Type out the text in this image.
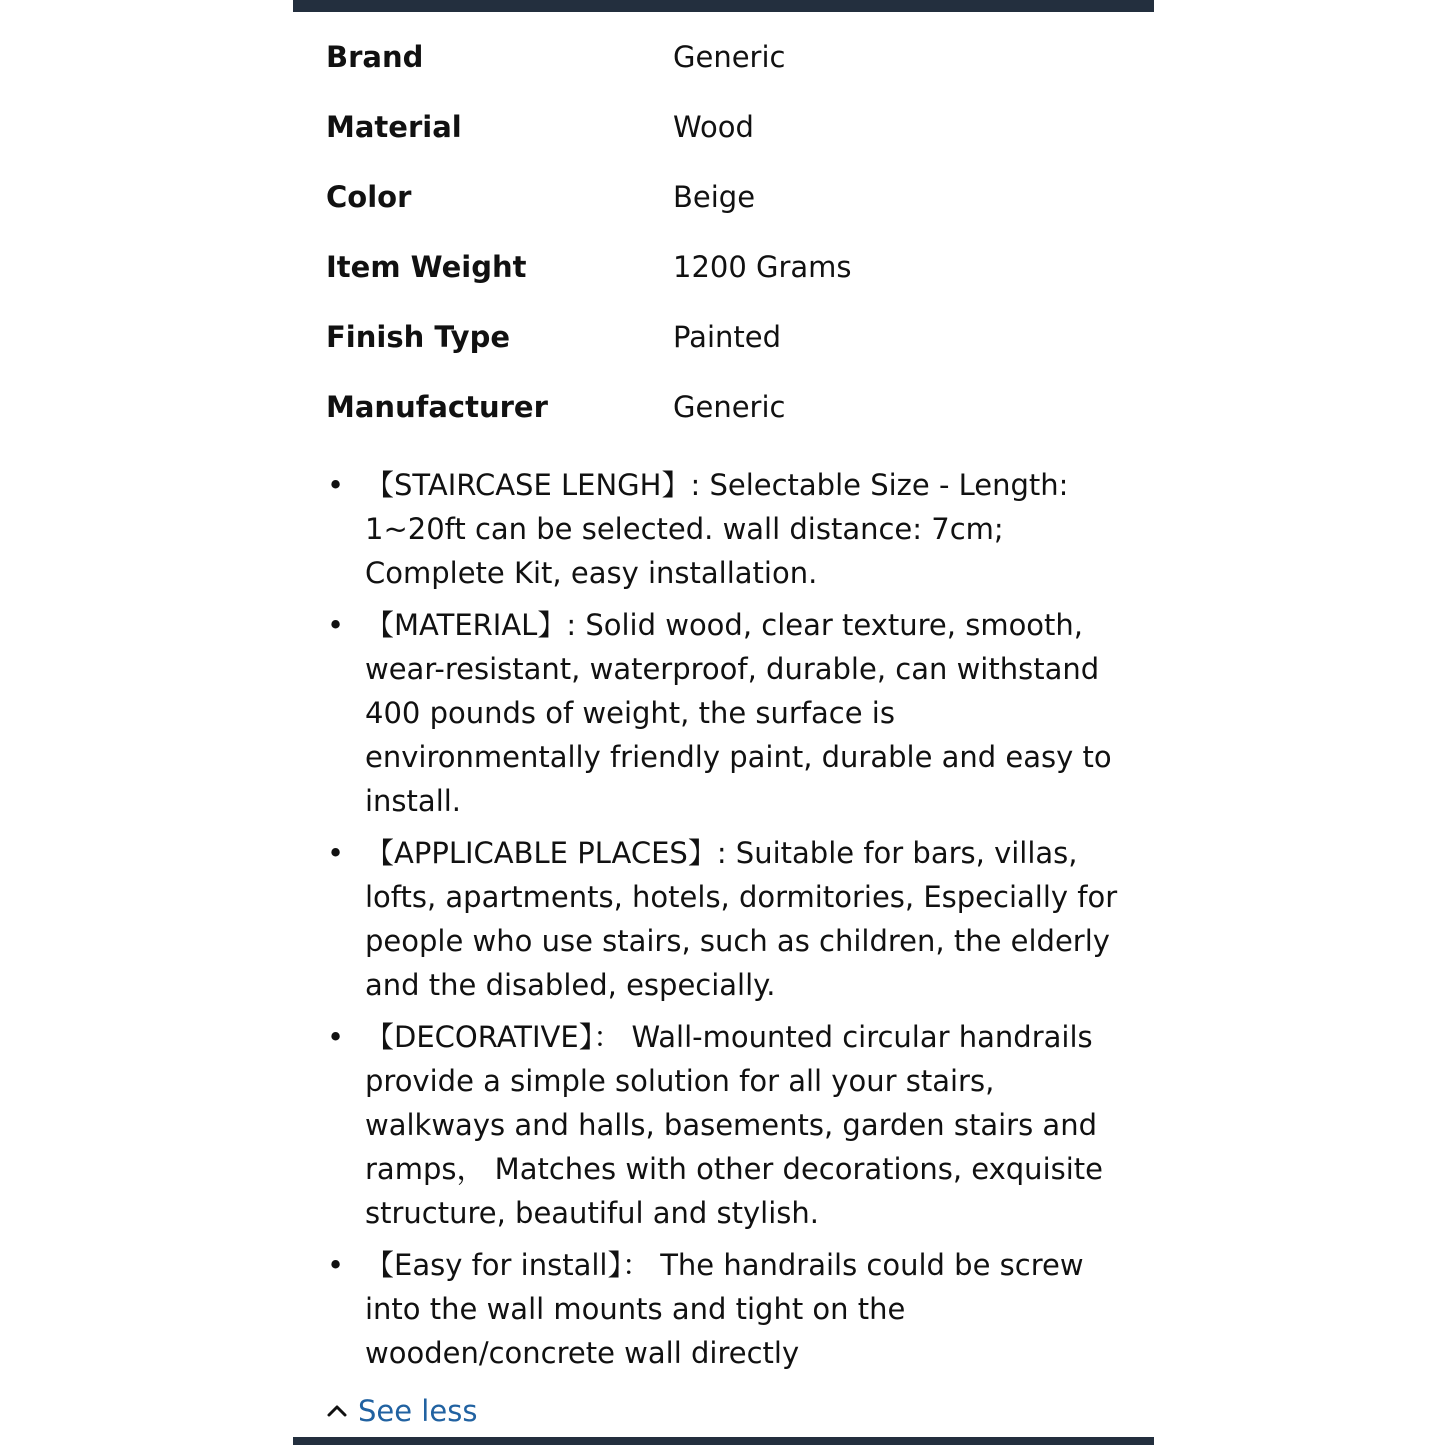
Brand	Generic
Material	Wood
Color	Beige
Item Weight	1200 Grams
Finish Type	Painted
Manufacturer	Generic
• 【STAIRCASE LENGH】: Selectable Size - Length: 1~20ft can be selected. wall distance: 7cm; Complete Kit, easy installation.
• 【MATERIAL】: Solid wood, clear texture, smooth, wear-resistant, waterproof, durable, can withstand 400 pounds of weight, the surface is environmentally friendly paint, durable and easy to install.
• 【APPLICABLE PLACES】: Suitable for bars, villas, lofts, apartments, hotels, dormitories, Especially for people who use stairs, such as children, the elderly and the disabled, especially.
• 【DECORATIVE】： Wall-mounted circular handrails provide a simple solution for all your stairs, walkways and halls, basements, garden stairs and ramps， Matches with other decorations, exquisite structure, beautiful and stylish.
• 【Easy for install】： The handrails could be screw into the wall mounts and tight on the wooden/concrete wall directly
See less
